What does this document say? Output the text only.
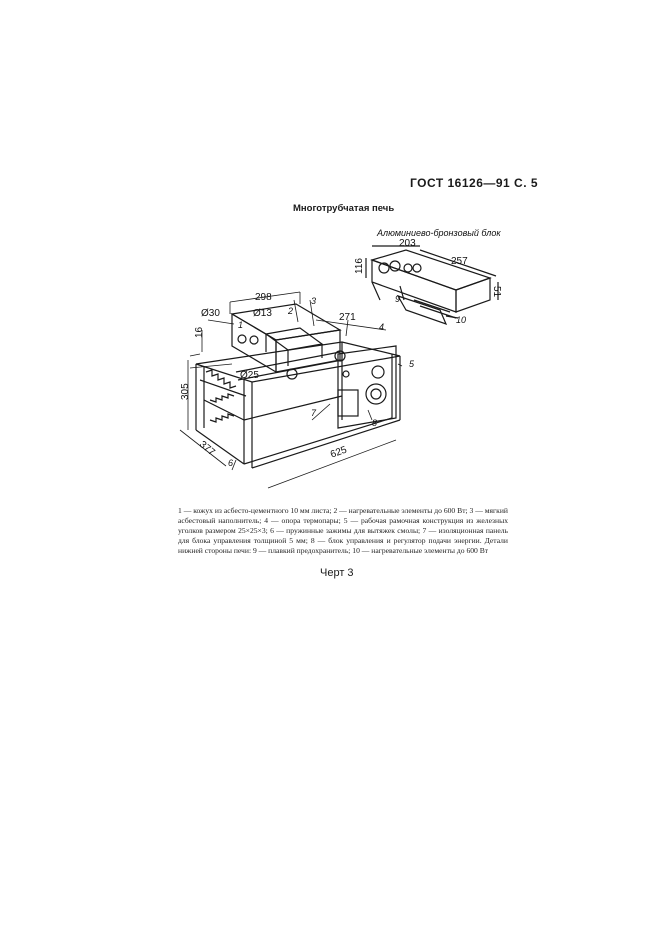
ГОСТ 16126—91 С. 5
Многотрубчатая печь
Алюминиево-бронзовый блок
203
257
116
51
298
271
Ø30	Ø13
Ø25
16
305
377	625
1
2
3
4
5
6
7
8
9
10
1 — кожух из асбесто-цементного 10 мм листа; 2 — нагревательные элементы до 600 Вт; 3 — мягкий асбестовый наполнитель; 4 — опора термопары; 5 — рабочая рамочная конструкция из железных уголков размером 25×25×3; 6 — пружинные зажимы для вытяжек смолы; 7 — изоляционная панель для блока управления толщиной 5 мм; 8 — блок управления и регулятор подачи энергии. Детали нижней стороны печи: 9 — плавкий предохранитель; 10 — нагревательные элементы до 600 Вт
Черт 3
